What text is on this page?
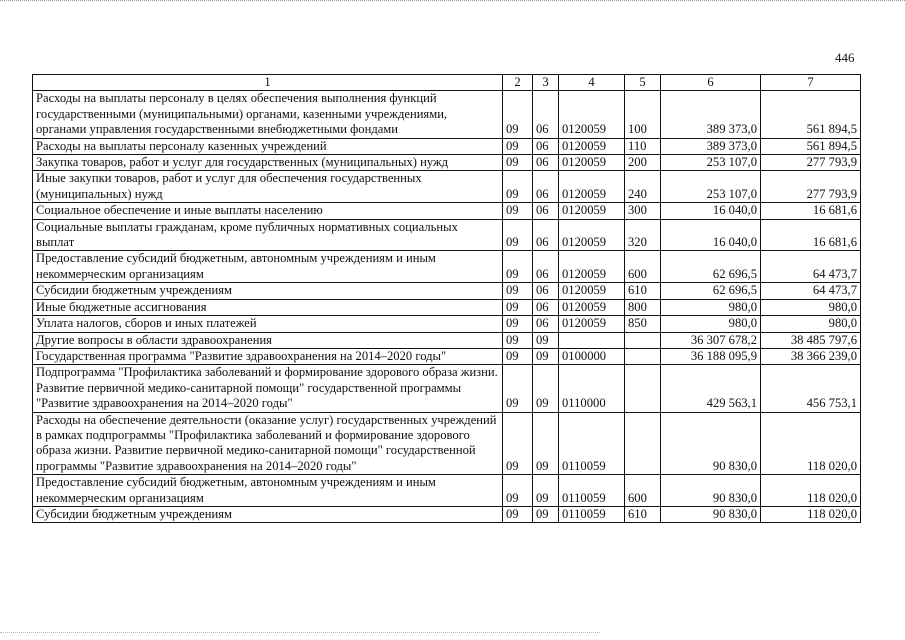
446
1	2	3	4	5	6	7
Расходы на выплаты персоналу в целях обеспечения выполнения функций государственными (муниципальными) органами, казенными учреждениями, органами управления государственными внебюджетными фондами	09	06	0120059	100	389 373,0	561 894,5
Расходы на выплаты персоналу казенных учреждений	09	06	0120059	110	389 373,0	561 894,5
Закупка товаров, работ и услуг для государственных (муниципальных) нужд	09	06	0120059	200	253 107,0	277 793,9
Иные закупки товаров, работ и услуг для обеспечения государственных (муниципальных) нужд	09	06	0120059	240	253 107,0	277 793,9
Социальное обеспечение и иные выплаты населению	09	06	0120059	300	16 040,0	16 681,6
Социальные выплаты гражданам, кроме публичных нормативных социальных выплат	09	06	0120059	320	16 040,0	16 681,6
Предоставление субсидий бюджетным, автономным учреждениям и иным некоммерческим организациям	09	06	0120059	600	62 696,5	64 473,7
Субсидии бюджетным учреждениям	09	06	0120059	610	62 696,5	64 473,7
Иные бюджетные ассигнования	09	06	0120059	800	980,0	980,0
Уплата налогов, сборов и иных платежей	09	06	0120059	850	980,0	980,0
Другие вопросы в области здравоохранения	09	09			36 307 678,2	38 485 797,6
Государственная программа "Развитие здравоохранения на 2014–2020 годы"	09	09	0100000		36 188 095,9	38 366 239,0
Подпрограмма "Профилактика заболеваний и формирование здорового образа жизни. Развитие первичной медико-санитарной помощи" государственной программы "Развитие здравоохранения на 2014–2020 годы"	09	09	0110000		429 563,1	456 753,1
Расходы на обеспечение деятельности (оказание услуг) государственных учреждений в рамках подпрограммы "Профилактика заболеваний и формирование здорового образа жизни. Развитие первичной медико-санитарной помощи" государственной программы "Развитие здравоохранения на 2014–2020 годы"	09	09	0110059		90 830,0	118 020,0
Предоставление субсидий бюджетным, автономным учреждениям и иным некоммерческим организациям	09	09	0110059	600	90 830,0	118 020,0
Субсидии бюджетным учреждениям	09	09	0110059	610	90 830,0	118 020,0
